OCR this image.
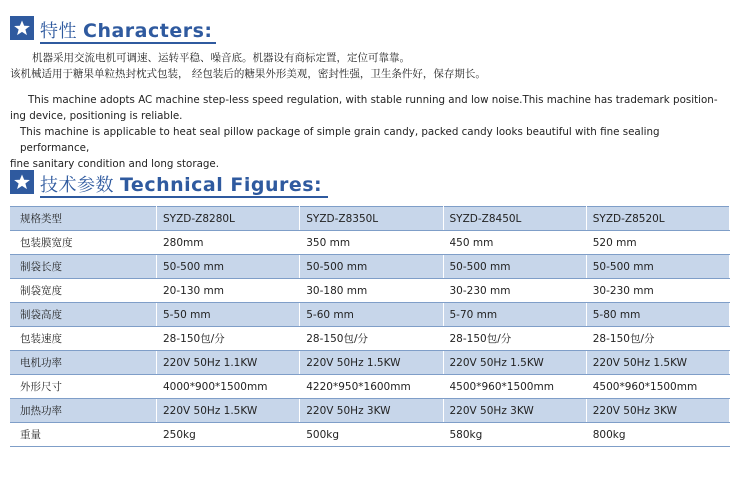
特性 Characters:

机器采用交流电机可调速、运转平稳、噪音底。机器设有商标定置，定位可靠靠。

该机械适用于糖果单粒热封枕式包装， 经包装后的糖果外形美观，密封性强，卫生条件好，保存期长。

This machine adopts AC machine step-less speed regulation, with stable running and low noise.This machine has trademark position-

ing device, positioning is reliable.

This machine is applicable to heat seal pillow package of simple grain candy, packed candy looks beautiful with fine sealing performance,

fine sanitary condition and long storage.

技术参数 Technical Figures:
规格类型	SYZD-Z8280L	SYZD-Z8350L	SYZD-Z8450L	SYZD-Z8520L
包装膜宽度	280mm	350 mm	450 mm	520 mm
制袋长度	50-500 mm	50-500 mm	50-500 mm	50-500 mm
制袋宽度	20-130 mm	30-180 mm	30-230 mm	30-230 mm
制袋高度	5-50 mm	5-60 mm	5-70 mm	5-80 mm
包装速度	28-150包/分	28-150包/分	28-150包/分	28-150包/分
电机功率	220V 50Hz 1.1KW	220V 50Hz 1.5KW	220V 50Hz 1.5KW	220V 50Hz 1.5KW
外形尺寸	4000*900*1500mm	4220*950*1600mm	4500*960*1500mm	4500*960*1500mm
加热功率	220V 50Hz 1.5KW	220V 50Hz 3KW	220V 50Hz 3KW	220V 50Hz 3KW
重量	250kg	500kg	580kg	800kg
